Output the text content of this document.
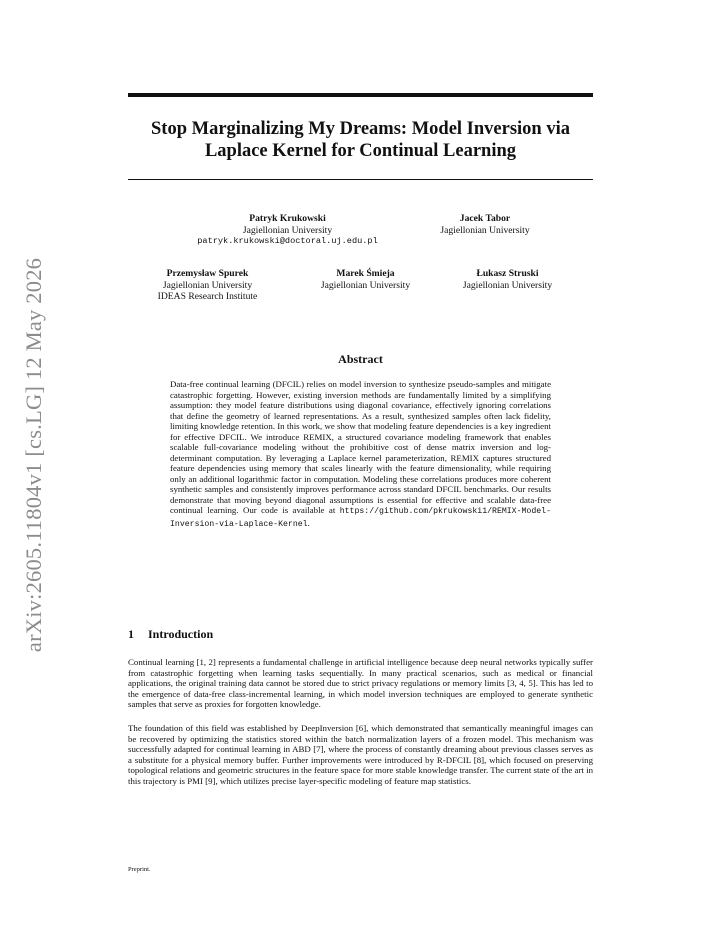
arXiv:2605.11804v1 [cs.LG] 12 May 2026
Stop Marginalizing My Dreams: Model Inversion via Laplace Kernel for Continual Learning
Patryk Krukowski
Jagiellonian University
patryk.krukowski@doctoral.uj.edu.pl
Jacek Tabor
Jagiellonian University
Przemysław Spurek
Jagiellonian University
IDEAS Research Institute
Marek Śmieja
Jagiellonian University
Łukasz Struski
Jagiellonian University
Abstract
Data-free continual learning (DFCIL) relies on model inversion to synthesize pseudo-samples and mitigate catastrophic forgetting. However, existing inversion methods are fundamentally limited by a simplifying assumption: they model feature distributions using diagonal covariance, effectively ignoring correlations that define the geometry of learned representations. As a result, synthesized samples often lack fidelity, limiting knowledge retention. In this work, we show that modeling feature dependencies is a key ingredient for effective DFCIL. We introduce REMIX, a structured covariance modeling framework that enables scalable full-covariance modeling without the prohibitive cost of dense matrix inversion and log-determinant computation. By leveraging a Laplace kernel parameterization, REMIX captures structured feature dependencies using memory that scales linearly with the feature dimensionality, while requiring only an additional logarithmic factor in computation. Modeling these correlations produces more coherent synthetic samples and consistently improves performance across standard DFCIL benchmarks. Our results demonstrate that moving beyond diagonal assumptions is essential for effective and scalable data-free continual learning. Our code is available at https://github.com/pkrukowski1/REMIX-Model-Inversion-via-Laplace-Kernel.
1 Introduction

Continual learning [1, 2] represents a fundamental challenge in artificial intelligence because deep neural networks typically suffer from catastrophic forgetting when learning tasks sequentially. In many practical scenarios, such as medical or financial applications, the original training data cannot be stored due to strict privacy regulations or memory limits [3, 4, 5]. This has led to the emergence of data-free class-incremental learning, in which model inversion techniques are employed to generate synthetic samples that serve as proxies for forgotten knowledge.

The foundation of this field was established by DeepInversion [6], which demonstrated that semantically meaningful images can be recovered by optimizing the statistics stored within the batch normalization layers of a frozen model. This mechanism was successfully adapted for continual learning in ABD [7], where the process of constantly dreaming about previous classes serves as a substitute for a physical memory buffer. Further improvements were introduced by R-DFCIL [8], which focused on preserving topological relations and geometric structures in the feature space for more stable knowledge transfer. The current state of the art in this trajectory is PMI [9], which utilizes precise layer-specific modeling of feature map statistics.

Preprint.
